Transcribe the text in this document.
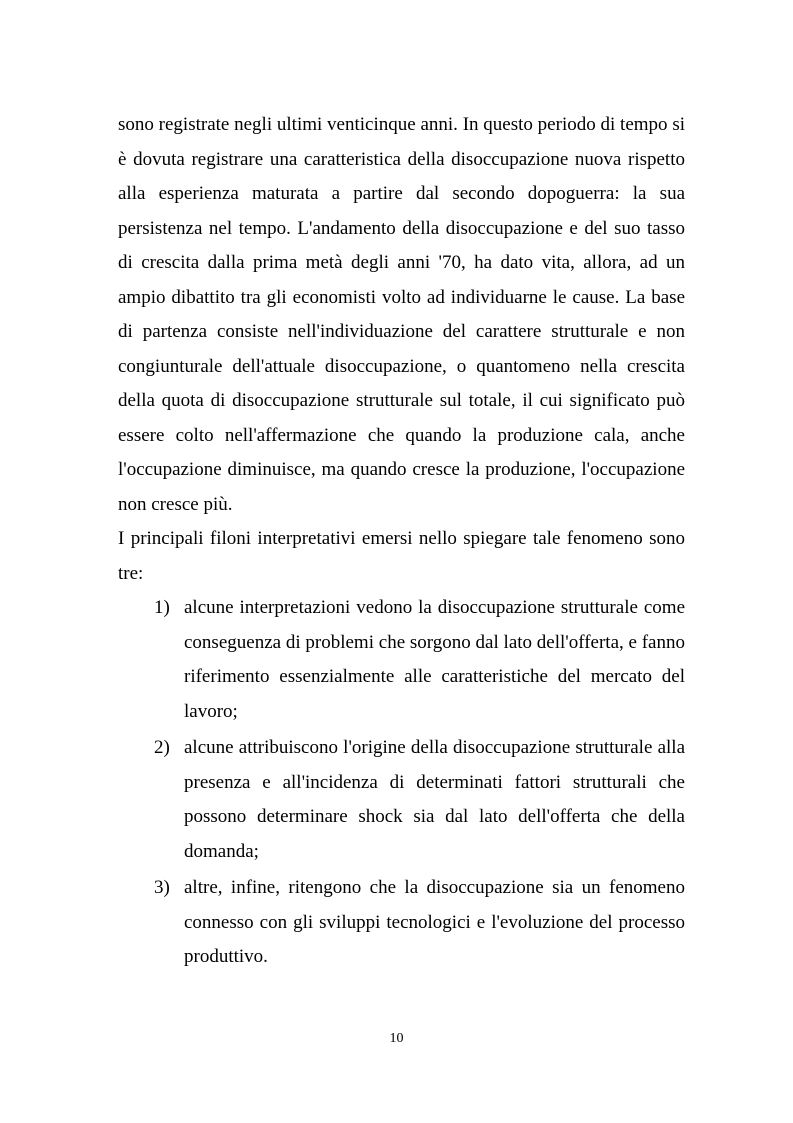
sono registrate negli ultimi venticinque anni. In questo periodo di tempo si è dovuta registrare una caratteristica della disoccupazione nuova rispetto alla esperienza maturata a partire dal secondo dopoguerra: la sua persistenza nel tempo. L'andamento della disoccupazione e del suo tasso di crescita dalla prima metà degli anni '70, ha dato vita, allora, ad un ampio dibattito tra gli economisti volto ad individuarne le cause. La base di partenza consiste nell'individuazione del carattere strutturale e non congiunturale dell'attuale disoccupazione, o quantomeno nella crescita della quota di disoccupazione strutturale sul totale, il cui significato può essere colto nell'affermazione che quando la produzione cala, anche l'occupazione diminuisce, ma quando cresce la produzione, l'occupazione non cresce più.

I principali filoni interpretativi emersi nello spiegare tale fenomeno sono tre:

1) alcune interpretazioni vedono la disoccupazione strutturale come conseguenza di problemi che sorgono dal lato dell'offerta, e fanno riferimento essenzialmente alle caratteristiche del mercato del lavoro;
2) alcune attribuiscono l'origine della disoccupazione strutturale alla presenza e all'incidenza di determinati fattori strutturali che possono determinare shock sia dal lato dell'offerta che della domanda;
3) altre, infine, ritengono che la disoccupazione sia un fenomeno connesso con gli sviluppi tecnologici e l'evoluzione del processo produttivo.
10
